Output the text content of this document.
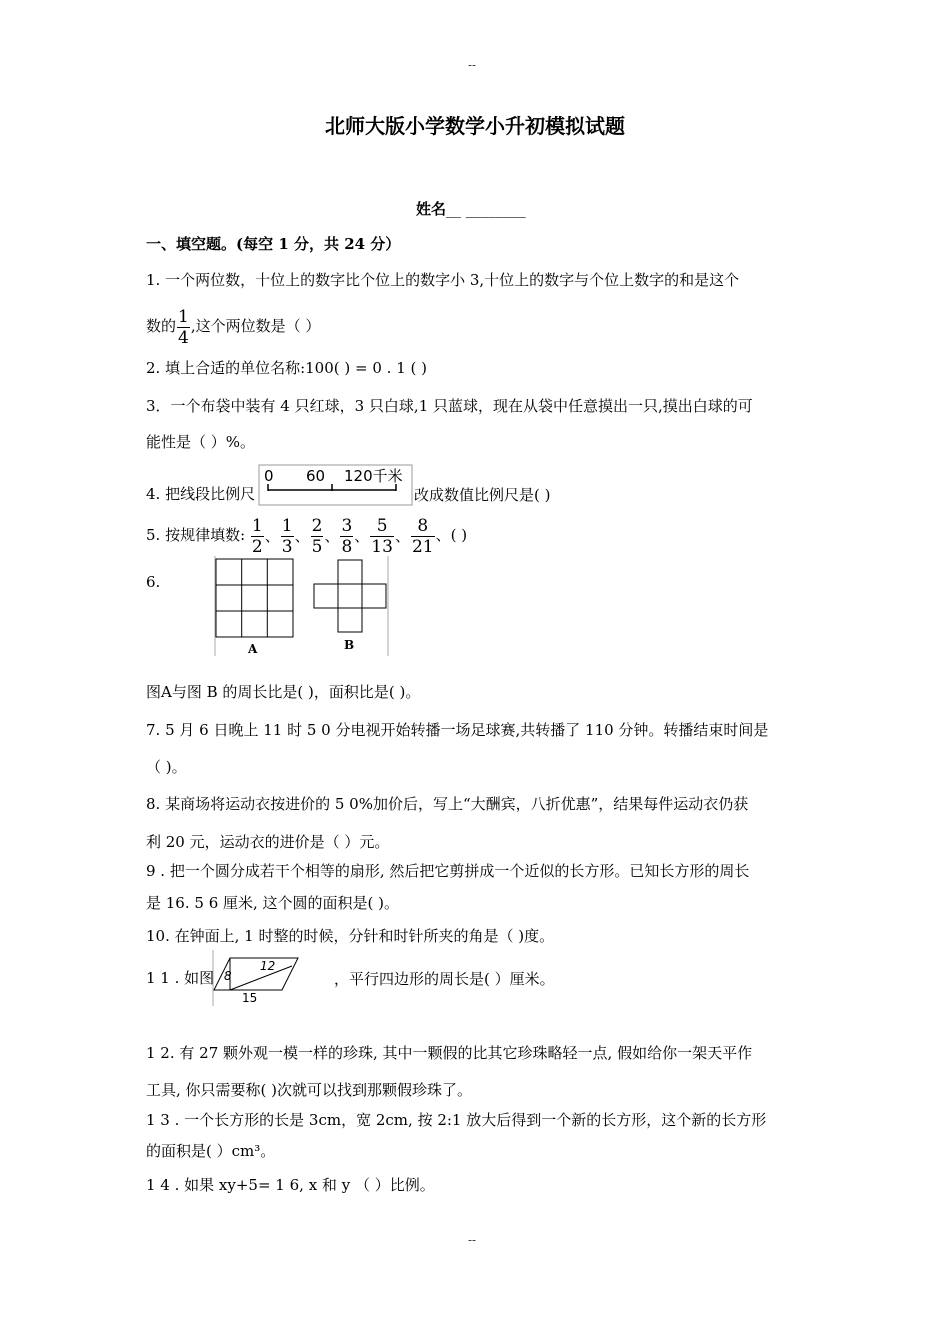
--
北师大版小学数学小升初模拟试题
姓名__ ________
一、填空题。(每空 1 分，共 24 分）
1. 一个两位数，十位上的数字比个位上的数字小 3,十位上的数字与个位上数字的和是这个
数的 $\frac{1}{4}$ ,这个两位数是（ ）
2. 填上合适的单位名称:100( ) = 0 . 1 ( )
3．一个布袋中装有 4 只红球，3 只白球,1 只蓝球，现在从袋中任意摸出一只,摸出白球的可
能性是（ ）%。
4. 把线段比例尺
0 60 120千米
改成数值比例尺是( )
5. 按规律填数: $\frac{1}{2}$ 、 $\frac{1}{3}$ 、 $\frac{2}{5}$ 、 $\frac{3}{8}$ 、 $\frac{5}{13}$ 、 $\frac{8}{21}$ 、( )
6.
A	B
图A与图 B 的周长比是( )，面积比是( )。
7. 5 月 6 日晚上 11 时 5 0 分电视开始转播一场足球赛,共转播了 110 分钟。转播结束时间是
（ )。
8. 某商场将运动衣按进价的 5 0%加价后，写上“大酬宾，八折优惠”，结果每件运动衣仍获
利 20 元，运动衣的进价是（ ）元。
9 . 把一个圆分成若干个相等的扇形, 然后把它剪拼成一个近似的长方形。已知长方形的周长
是 16. 5 6 厘米, 这个圆的面积是( )。
10. 在钟面上, 1 时整的时候，分针和时针所夹的角是（ )度。
1 1 . 如图
12
8
15
，平行四边形的周长是( ）厘米。
1 2. 有 27 颗外观一模一样的珍珠, 其中一颗假的比其它珍珠略轻一点, 假如给你一架天平作
工具, 你只需要称( )次就可以找到那颗假珍珠了。
1 3 . 一个长方形的长是 3cm，宽 2cm, 按 2:1 放大后得到一个新的长方形，这个新的长方形
的面积是( ）cm³。
1 4 . 如果 xy+5= 1 6, x 和 y （ ）比例。
--
